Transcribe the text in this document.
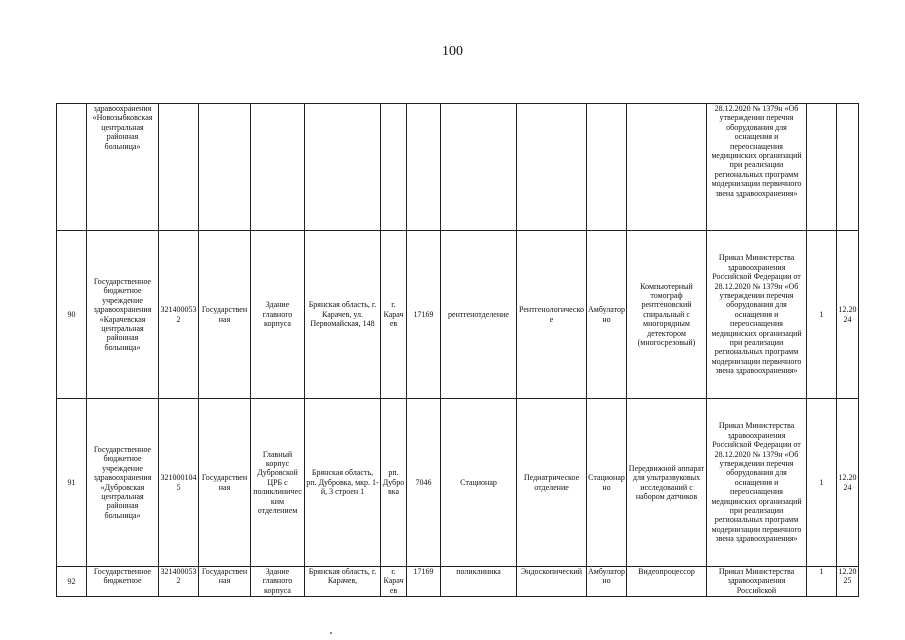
100
	здравоохранения «Новозыбковская центральная районная больница»											28.12.2020 № 1379н «Об утверждении перечня оборудования для оснащения и переоснащения медицинских организаций при реализации региональных программ модернизации первичного звена здравоохранения»		
90	Государственное бюджетное учреждение здравоохранения «Карачевская центральная районная больница»	3214000532	Государственная	Здание главного корпуса	Брянская область, г. Карачев, ул. Первомайская, 148	г. Карачев	17169	рентгенотделение	Рентгенологическое	Амбулаторно	Компьютерный томограф рентгеновский спиральный с многорядным детектором (многосрезовый)	Приказ Министерства здравоохранения Российской Федерации от 28.12.2020 № 1379н «Об утверждении перечня оборудования для оснащения и переоснащения медицинских организаций при реализации региональных программ модернизации первичного звена здравоохранения»	1	12.2024
91	Государственное бюджетное учреждение здравоохранения «Дубровская центральная районная больница»	3210001045	Государственная	Главный корпус Дубровской ЦРБ с поликлиническим отделением	Брянская область, рп. Дубровка, мкр. 1-й, 3 строен 1	рп. Дубровка	7046	Стационар	Педиатрическое отделение	Стационарно	Передвижной аппарат для ультразвуковых исследований с набором датчиков	Приказ Министерства здравоохранения Российской Федерации от 28.12.2020 № 1379н «Об утверждении перечня оборудования для оснащения и переоснащения медицинских организаций при реализации региональных программ модернизации первичного звена здравоохранения»	1	12.2024
92	Государственное бюджетное	3214000532	Государственная	Здание главного корпуса	Брянская область, г. Карачев,	г. Карачев	17169	поликлиника	Эндоскопический	Амбулаторно	Видеопроцессор	Приказ Министерства здравоохранения Российской	1	12.2025
